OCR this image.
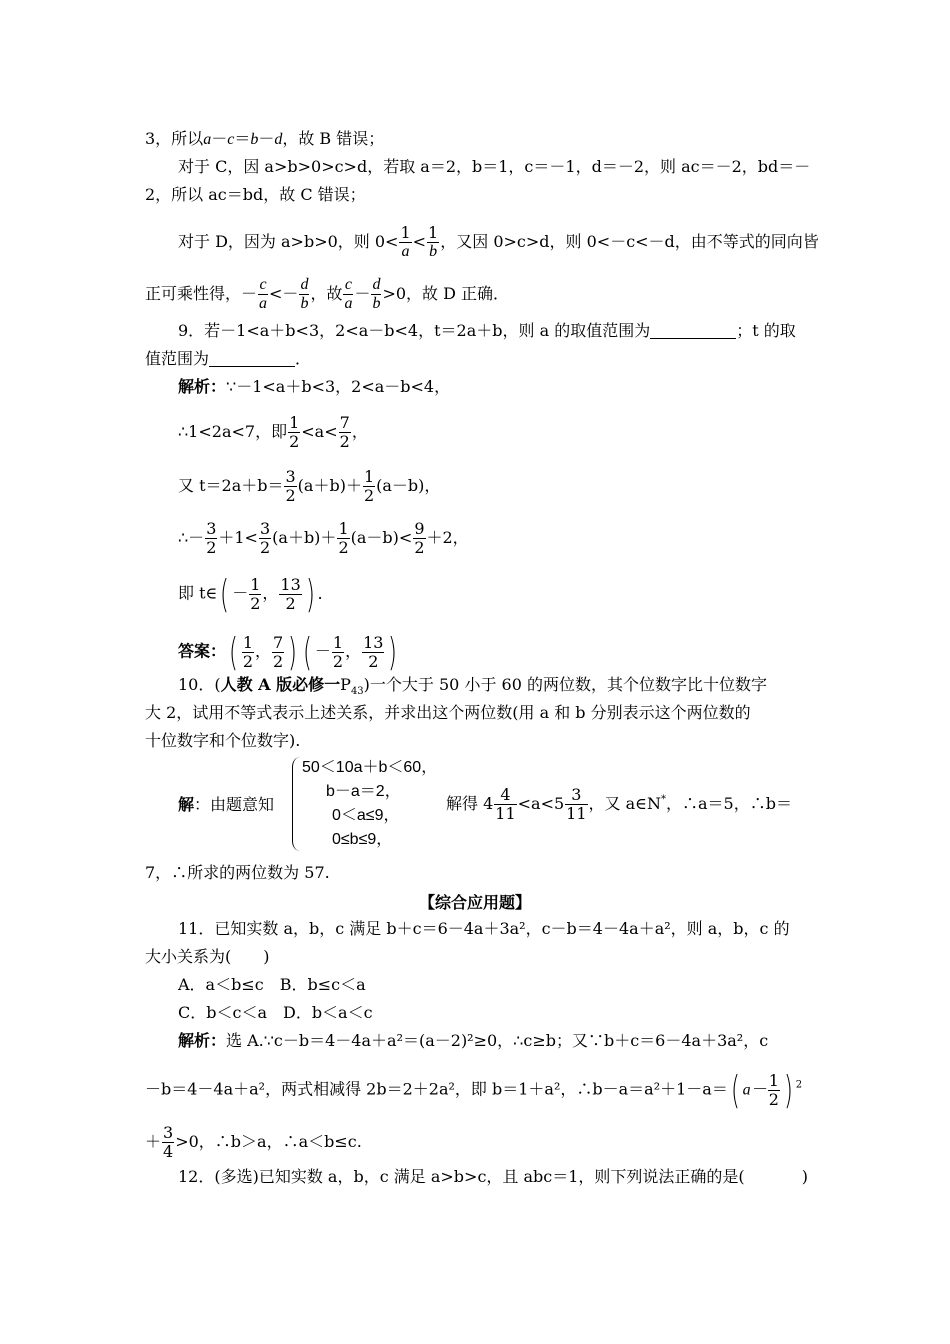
3，所以a－c＝b－d，故 B 错误；
对于 C，因 a>b>0>c>d，若取 a＝2，b＝1，c＝－1，d＝－2，则 ac＝－2，bd＝－
2，所以 ac＝bd，故 C 错误；
对于 D，因为 a>b>0，则 $0< \frac{1}{a} < \frac{1}{b}$ ，又因 0>c>d，则 0<－c<－d，由不等式的同向皆
正可乘性得，－ $\frac{c}{a} <- \frac{d}{b}$ ，故 $\frac{c}{a} - \frac{d}{b} >0$，故 D 正确．
9．若－1<a＋b<3，2<a－b<4，t＝2a＋b，则 a 的取值范围为	；t 的取
值范围为	．
解析：∵－1<a＋b<3，2<a－b<4，
∴1<2a<7，即 $\frac{1}{2} <a< \frac{7}{2}$ ，
又 $t=2a+b= \frac{3}{2} (a+b)+ \frac{1}{2} (a-b)$，
∴－ $\frac{3}{2} +1< \frac{3}{2} (a+b)+ \frac{1}{2} (a-b)< \frac{9}{2} +2$，
即 t∈( － $\frac{1}{2}$ ， $\frac{13}{2}$ ) ．
答案：( $\frac{1}{2}$ ， $\frac{7}{2}$ ) ( － $\frac{1}{2}$ ， $\frac{13}{2}$ )
10．(人教 A 版必修一$P_{43}$)一个大于 50 小于 60 的两位数，其个位数字比十位数字
大 2，试用不等式表示上述关系，并求出这个两位数(用 a 和 b 分别表示这个两位数的
十位数字和个位数字).
解：由题意知
50＜10a＋b＜60，
b－a＝2，
0＜a≤9，
0≤b≤9，
解得 $4 \frac{4}{11} <a<5 \frac{3}{11}$ ，又 a∈N*，∴a＝5，∴b＝
7，∴所求的两位数为 57.
【综合应用题】
11．已知实数 a，b，c 满足 b＋c＝6－4a＋3a²，c－b＝4－4a＋a²，则 a，b，c 的
大小关系为(　　)
A．a＜b≤c　B．b≤c＜a
C．b＜c＜a　D．b＜a＜c
解析：选 A.∵c－b＝4－4a＋a²＝(a－2)²≥0，∴c≥b；又∵b＋c＝6－4a＋3a²，c
－b＝4－4a＋a²，两式相减得 2b＝2＋2a²，即 b＝1＋a²，∴b－a＝a²＋1－a＝( $a- \frac{1}{2}$ ) $^2$
＋ $\frac{3}{4} >0$，∴b＞a，∴a＜b≤c.
12．(多选)已知实数 a，b，c 满足 a>b>c，且 abc＝1，则下列说法正确的是(	)
